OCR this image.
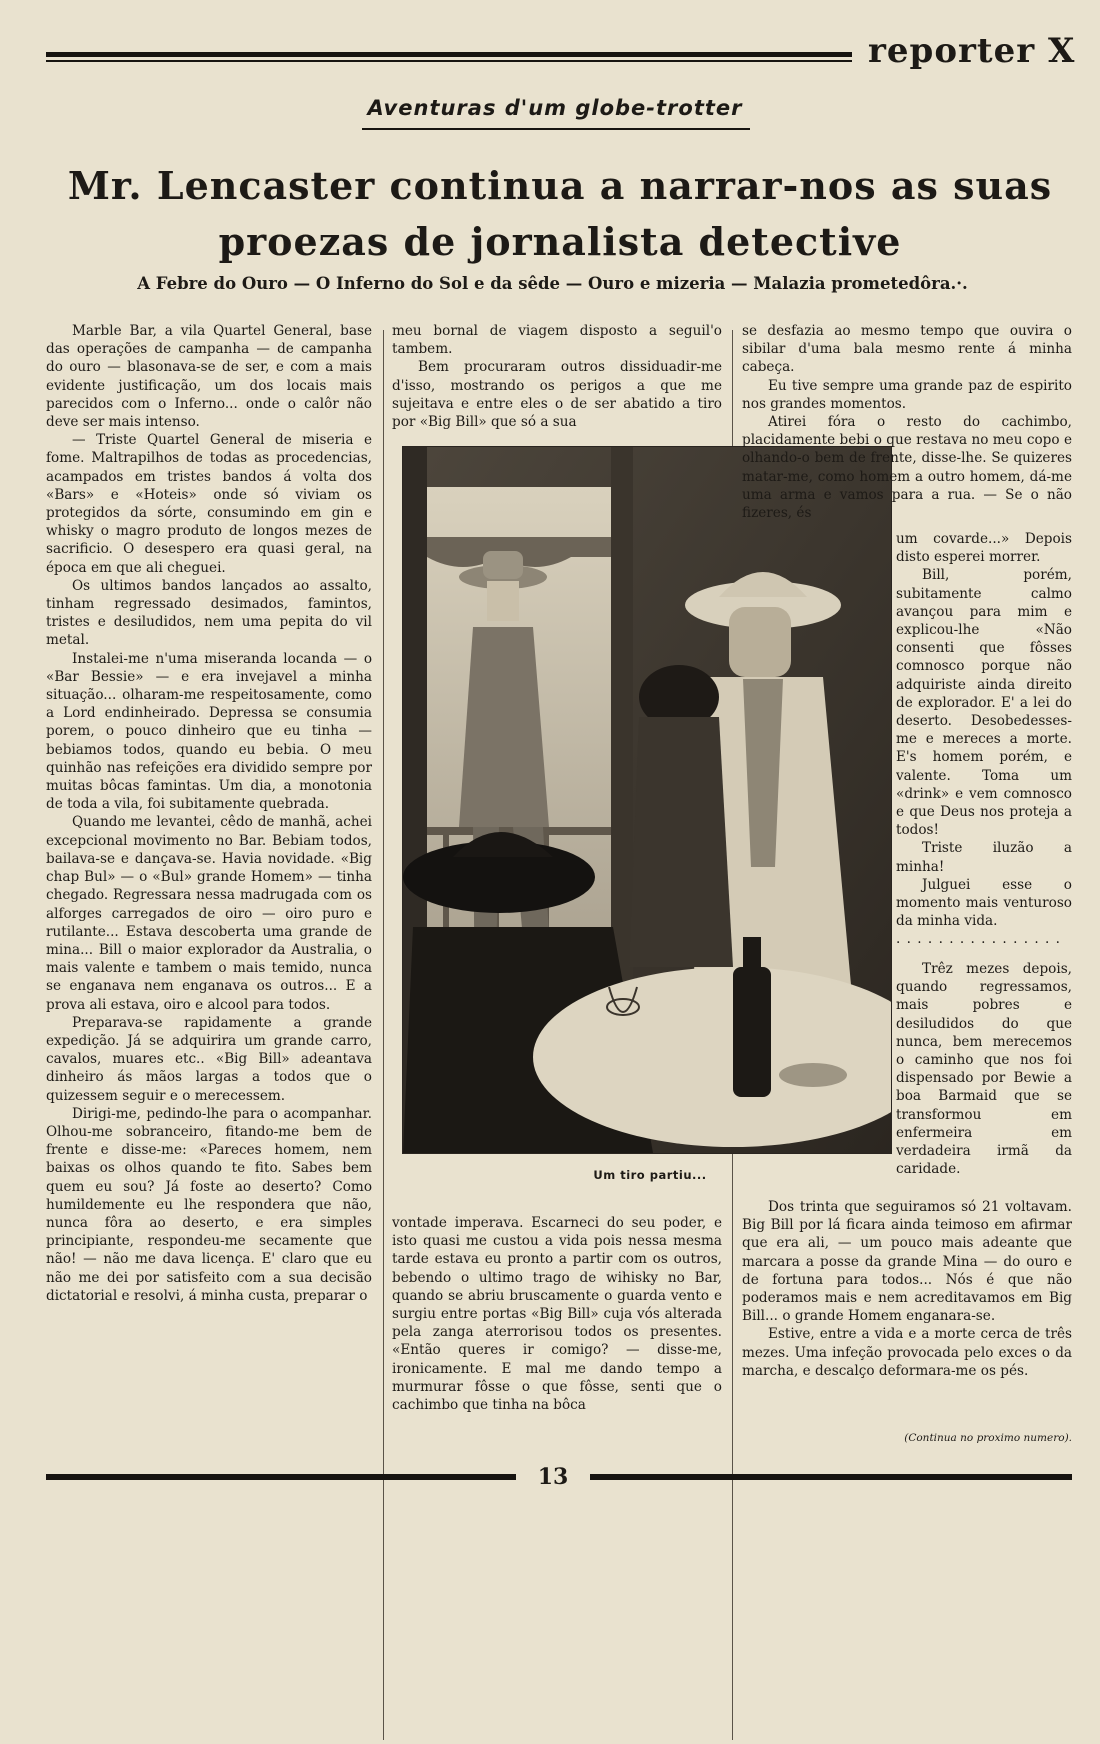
reporter X
Aventuras d'um globe-trotter
Mr. Lencaster continua a narrar-nos as suas proezas de jornalista detective
A Febre do Ouro — O Inferno do Sol e da sêde — Ouro e mizeria — Malazia prometedôra.·.

Marble Bar, a vila Quartel General, base das operações de campanha — de campanha do ouro — blasonava-se de ser, e com a mais evidente justificação, um dos locais mais parecidos com o Inferno... onde o calôr não deve ser mais intenso.

— Triste Quartel General de miseria e fome. Maltrapilhos de todas as procedencias, acampados em tristes bandos á volta dos «Bars» e «Hoteis» onde só viviam os protegidos da sórte, consumindo em gin e whisky o magro produto de longos mezes de sacrificio. O desespero era quasi geral, na época em que ali cheguei.

Os ultimos bandos lançados ao assalto, tinham regressado desimados, famintos, tristes e desiludidos, nem uma pepita do vil metal.

Instalei-me n'uma miseranda locanda — o «Bar Bessie» — e era invejavel a minha situação... olharam-me respeitosamente, como a Lord endinheirado. Depressa se consumia porem, o pouco dinheiro que eu tinha — bebiamos todos, quando eu bebia. O meu quinhão nas refeições era dividido sempre por muitas bôcas famintas. Um dia, a monotonia de toda a vila, foi subitamente quebrada.

Quando me levantei, cêdo de manhã, achei excepcional movimento no Bar. Bebiam todos, bailava-se e dançava-se. Havia novidade. «Big chap Bul» — o «Bul» grande Homem» — tinha chegado. Regressara nessa madrugada com os alforges carregados de oiro — oiro puro e rutilante... Estava descoberta uma grande de mina... Bill o maior explorador da Australia, o mais valente e tambem o mais temido, nunca se enganava nem enganava os outros... E a prova ali estava, oiro e alcool para todos.

Preparava-se rapidamente a grande expedição. Já se adquirira um grande carro, cavalos, muares etc.. «Big Bill» adeantava dinheiro ás mãos largas a todos que o quizessem seguir e o merecessem.

Dirigi-me, pedindo-lhe para o acompanhar. Olhou-me sobranceiro, fitando-me bem de frente e disse-me: «Pareces homem, nem baixas os olhos quando te fito. Sabes bem quem eu sou? Já foste ao deserto? Como humildemente eu lhe respondera que não, nunca fôra ao deserto, e era simples principiante, respondeu-me secamente que não! — não me dava licença. E' claro que eu não me dei por satisfeito com a sua decisão dictatorial e resolvi, á minha custa, preparar o

meu bornal de viagem disposto a seguil'o tambem.

Bem procuraram outros dissiduadir-me d'isso, mostrando os perigos a que me sujeitava e entre eles o de ser abatido a tiro por «Big Bill» que só a sua

Um tiro partiu...

vontade imperava. Escarneci do seu poder, e isto quasi me custou a vida pois nessa mesma tarde estava eu pronto a partir com os outros, bebendo o ultimo trago de wihisky no Bar, quando se abriu bruscamente o guarda vento e surgiu entre portas «Big Bill» cuja vós alterada pela zanga aterrorisou todos os presentes. «Então queres ir comigo? — disse-me, ironicamente. E mal me dando tempo a murmurar fôsse o que fôsse, senti que o cachimbo que tinha na bôca

se desfazia ao mesmo tempo que ouvira o sibilar d'uma bala mesmo rente á minha cabeça.

Eu tive sempre uma grande paz de espirito nos grandes momentos.

Atirei fóra o resto do cachimbo, placidamente bebi o que restava no meu copo e olhando-o bem de frente, disse-lhe. Se quizeres matar-me, como homem a outro homem, dá-me uma arma e vamos para a rua. — Se o não fizeres, és

um covarde...» Depois disto esperei morrer.

Bill, porém, subitamente calmo avançou para mim e explicou-lhe «Não consenti que fôsses comnosco porque não adquiriste ainda direito de explorador. E' a lei do deserto. Desobedesses-me e mereces a morte. E's homem porém, e valente. Toma um «drink» e vem comnosco e que Deus nos proteja a todos!

Triste iluzão a minha!

Julguei esse o momento mais venturoso da minha vida.

. . . . . . . . . . . . . . . .

Trêz mezes depois, quando regressamos, mais pobres e desiludidos do que nunca, bem merecemos o caminho que nos foi dispensado por Bewie a boa Barmaid que se transformou em enfermeira em verdadeira irmã da caridade.

Dos trinta que seguiramos só 21 voltavam. Big Bill por lá ficara ainda teimoso em afirmar que era ali, — um pouco mais adeante que marcara a posse da grande Mina — do ouro e de fortuna para todos... Nós é que não poderamos mais e nem acreditavamos em Big Bill... o grande Homem enganara-se.

Estive, entre a vida e a morte cerca de três mezes. Uma infeção provocada pelo exces o da marcha, e descalço deformara-me os pés.

(Continua no proximo numero).
13
